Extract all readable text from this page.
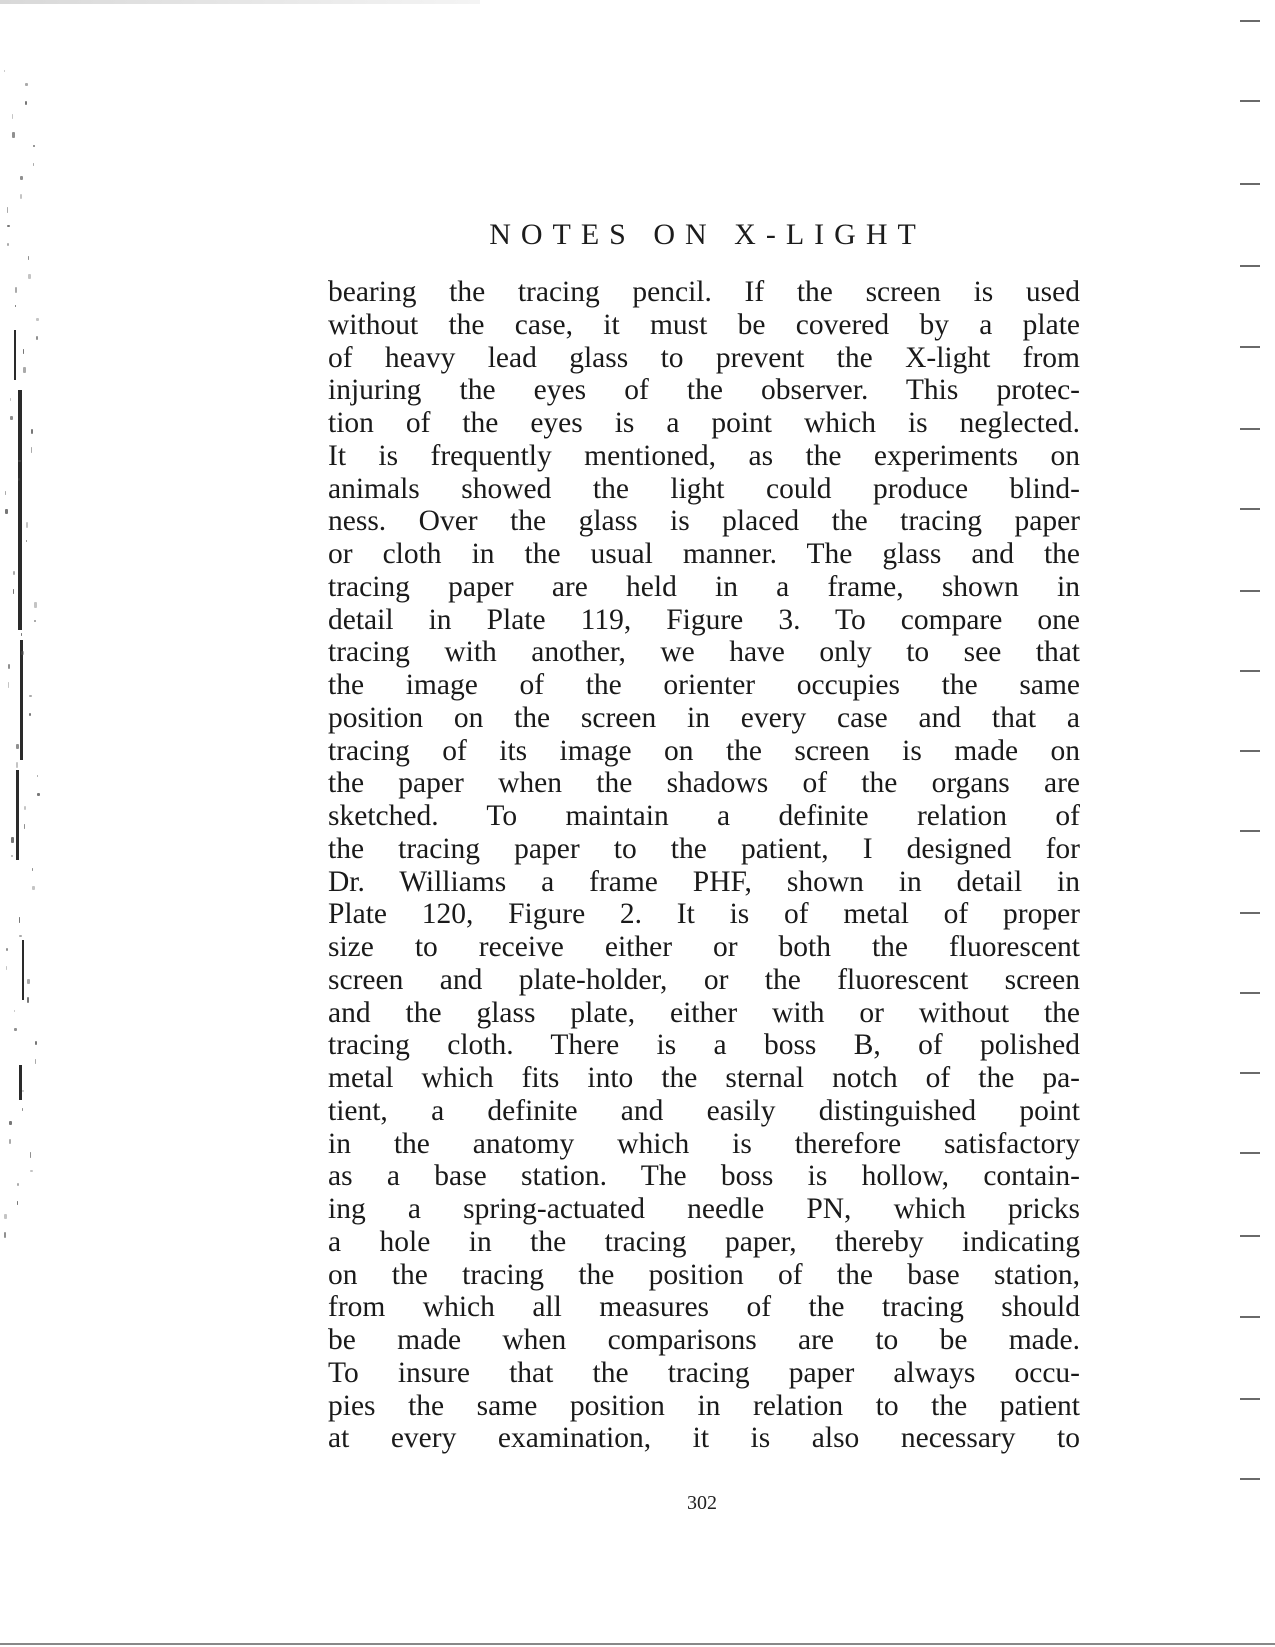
NOTES ON X-LIGHT
bearing the tracing pencil. If the screen is used
without the case, it must be covered by a plate
of heavy lead glass to prevent the X-light from
injuring the eyes of the observer. This protec-
tion of the eyes is a point which is neglected.
It is frequently mentioned, as the experiments on
animals showed the light could produce blind-
ness. Over the glass is placed the tracing paper
or cloth in the usual manner. The glass and the
tracing paper are held in a frame, shown in
detail in Plate 119, Figure 3. To compare one
tracing with another, we have only to see that
the image of the orienter occupies the same
position on the screen in every case and that a
tracing of its image on the screen is made on
the paper when the shadows of the organs are
sketched. To maintain a definite relation of
the tracing paper to the patient, I designed for
Dr. Williams a frame PHF, shown in detail in
Plate 120, Figure 2. It is of metal of proper
size to receive either or both the fluorescent
screen and plate-holder, or the fluorescent screen
and the glass plate, either with or without the
tracing cloth. There is a boss B, of polished
metal which fits into the sternal notch of the pa-
tient, a definite and easily distinguished point
in the anatomy which is therefore satisfactory
as a base station. The boss is hollow, contain-
ing a spring-actuated needle PN, which pricks
a hole in the tracing paper, thereby indicating
on the tracing the position of the base station,
from which all measures of the tracing should
be made when comparisons are to be made.
To insure that the tracing paper always occu-
pies the same position in relation to the patient
at every examination, it is also necessary to
302
